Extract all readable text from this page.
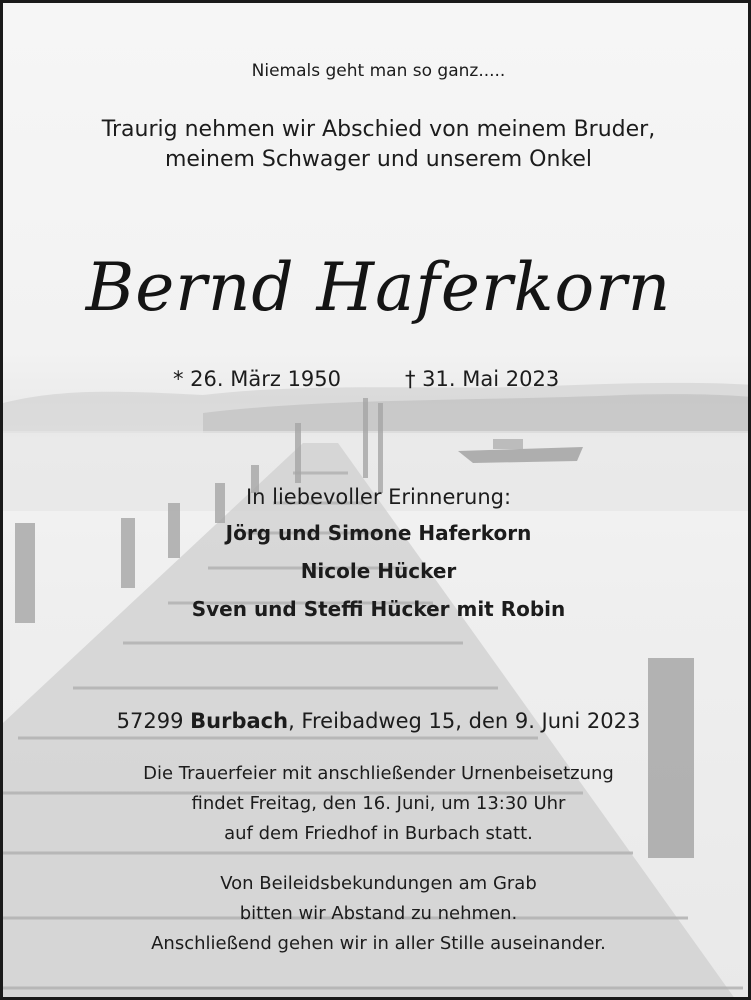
Niemals geht man so ganz.....
Traurig nehmen wir Abschied von meinem Bruder,
meinem Schwager und unserem Onkel
Bernd Haferkorn
* 26. März 1950	† 31. Mai 2023
In liebevoller Erinnerung:
Jörg und Simone Haferkorn
Nicole Hücker
Sven und Steffi Hücker mit Robin
57299 Burbach, Freibadweg 15, den 9. Juni 2023
Die Trauerfeier mit anschließender Urnenbeisetzung
findet Freitag, den 16. Juni, um 13:30 Uhr
auf dem Friedhof in Burbach statt.
Von Beileidsbekundungen am Grab
bitten wir Abstand zu nehmen.
Anschließend gehen wir in aller Stille auseinander.
